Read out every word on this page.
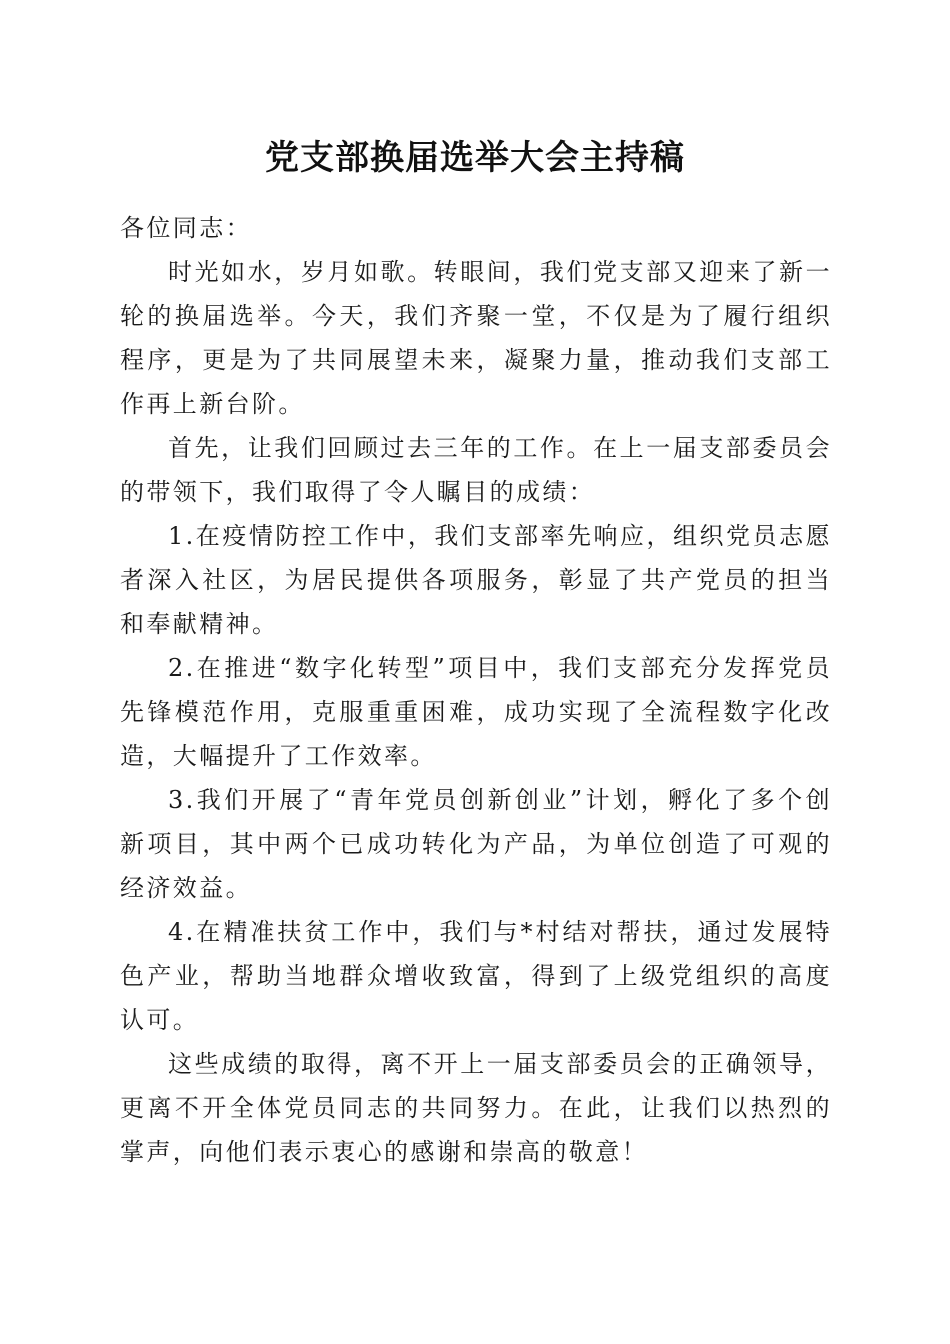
党支部换届选举大会主持稿

各位同志：

时光如水，岁月如歌。转眼间，我们党支部又迎来了新一轮的换届选举。今天，我们齐聚一堂，不仅是为了履行组织程序，更是为了共同展望未来，凝聚力量，推动我们支部工作再上新台阶。

首先，让我们回顾过去三年的工作。在上一届支部委员会的带领下，我们取得了令人瞩目的成绩：

1.在疫情防控工作中，我们支部率先响应，组织党员志愿者深入社区，为居民提供各项服务，彰显了共产党员的担当和奉献精神。

2.在推进“数字化转型”项目中，我们支部充分发挥党员先锋模范作用，克服重重困难，成功实现了全流程数字化改造，大幅提升了工作效率。

3.我们开展了“青年党员创新创业”计划，孵化了多个创新项目，其中两个已成功转化为产品，为单位创造了可观的经济效益。

4.在精准扶贫工作中，我们与*村结对帮扶，通过发展特色产业，帮助当地群众增收致富，得到了上级党组织的高度认可。

这些成绩的取得，离不开上一届支部委员会的正确领导，更离不开全体党员同志的共同努力。在此，让我们以热烈的掌声，向他们表示衷心的感谢和崇高的敬意！
